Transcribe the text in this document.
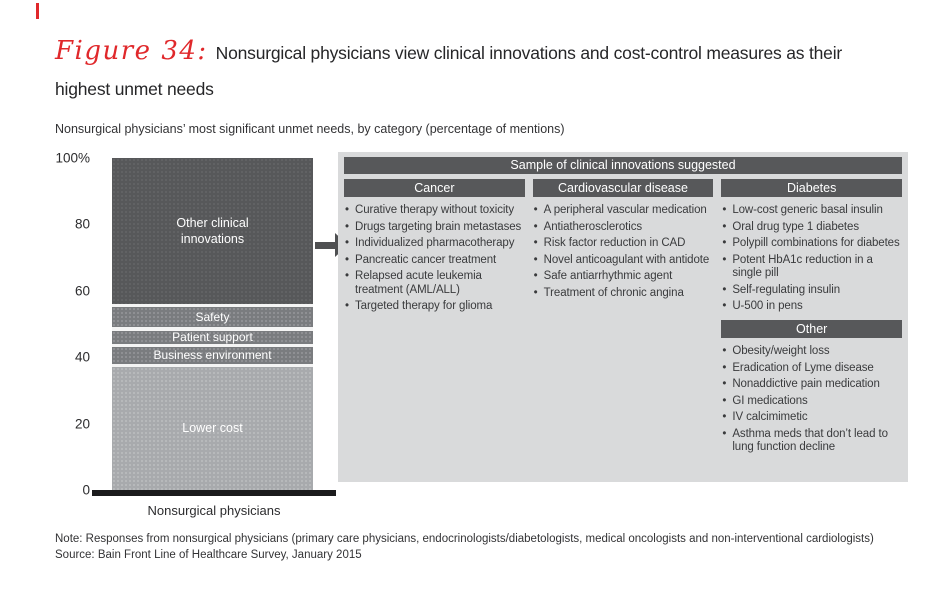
Figure 34: Nonsurgical physicians view clinical innovations and cost-control measures as their highest unmet needs
Nonsurgical physicians’ most significant unmet needs, by category (percentage of mentions)
100%
80
60
40
20
0
Other clinical innovations
Safety
Patient support
Business environment
Lower cost
Nonsurgical physicians
Sample of clinical innovations suggested
Cancer
• Curative therapy without toxicity
• Drugs targeting brain metastases
• Individualized pharmacotherapy
• Pancreatic cancer treatment
• Relapsed acute leukemia treatment (AML/ALL)
• Targeted therapy for glioma
Cardiovascular disease
• A peripheral vascular medication
• Antiatherosclerotics
• Risk factor reduction in CAD
• Novel anticoagulant with antidote
• Safe antiarrhythmic agent
• Treatment of chronic angina
Diabetes
• Low-cost generic basal insulin
• Oral drug type 1 diabetes
• Polypill combinations for diabetes
• Potent HbA1c reduction in a single pill
• Self-regulating insulin
• U-500 in pens
Other
• Obesity/weight loss
• Eradication of Lyme disease
• Nonaddictive pain medication
• GI medications
• IV calcimimetic
• Asthma meds that don’t lead to lung function decline
Note: Responses from nonsurgical physicians (primary care physicians, endocrinologists/diabetologists, medical oncologists and non-interventional cardiologists)
Source: Bain Front Line of Healthcare Survey, January 2015
